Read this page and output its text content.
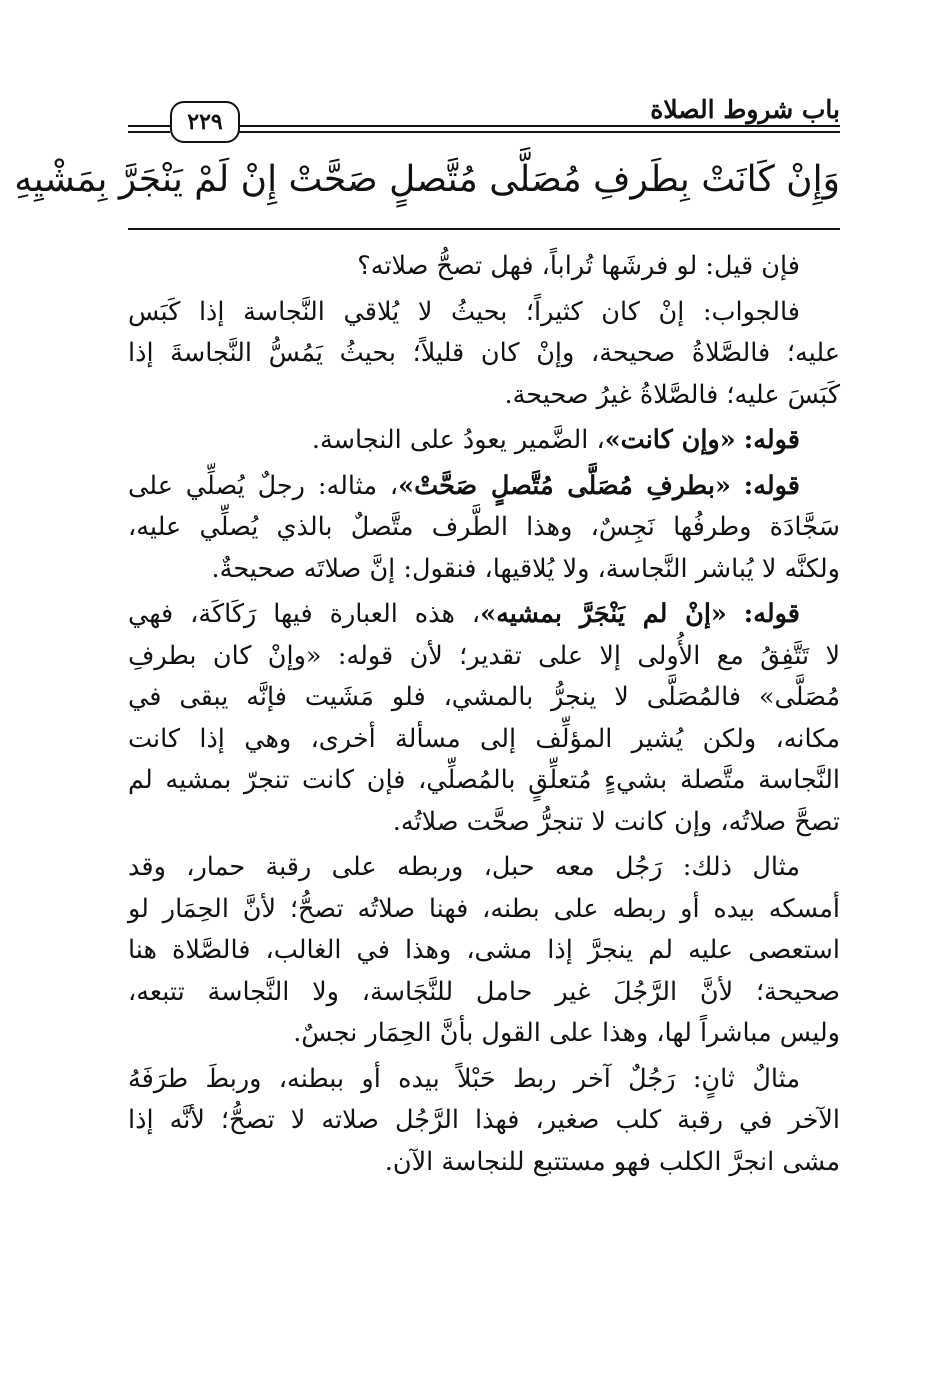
باب شروط الصلاة
٢٢٩
وَإِنْ كَانَتْ بِطَرفِ مُصَلَّى مُتَّصلٍ صَحَّتْ إِنْ لَمْ يَنْجَرَّ بِمَشْيِهِ

فإن قيل: لو فرشَها تُراباً، فهل تصحُّ صلاته؟

فالجواب: إنْ كان كثيراً؛ بحيثُ لا يُلاقي النَّجاسة إذا كَبَس
عليه؛ فالصَّلاةُ صحيحة، وإنْ كان قليلاً؛ بحيثُ يَمُسُّ النَّجاسةَ إذا
كَبَسَ عليه؛ فالصَّلاةُ غيرُ صحيحة.

قوله: «وإن كانت»، الضَّمير يعودُ على النجاسة.

قوله: «بطرفِ مُصَلَّى مُتَّصلٍ صَحَّتْ»، مثاله: رجلٌ يُصلِّي على
سَجَّادَة وطرفُها نَجِسٌ، وهذا الطَّرف متَّصلٌ بالذي يُصلِّي عليه،
ولكنَّه لا يُباشر النَّجاسة، ولا يُلاقيها، فنقول: إنَّ صلاتَه صحيحةٌ.

قوله: «إنْ لم يَنْجَرَّ بمشيه»، هذه العبارة فيها رَكَاكَة، فهي
لا تَتَّفِقُ مع الأُولى إلا على تقدير؛ لأن قوله: «وإنْ كان بطرفِ
مُصَلَّى» فالمُصَلَّى لا ينجرُّ بالمشي، فلو مَشَيت فإنَّه يبقى في
مكانه، ولكن يُشير المؤلِّف إلى مسألة أخرى، وهي إذا كانت
النَّجاسة متَّصلة بشيءٍ مُتعلِّقٍ بالمُصلِّي، فإن كانت تنجرّ بمشيه لم
تصحَّ صلاتُه، وإن كانت لا تنجرُّ صحَّت صلاتُه.

مثال ذلك: رَجُل معه حبل، وربطه على رقبة حمار، وقد
أمسكه بيده أو ربطه على بطنه، فهنا صلاتُه تصحُّ؛ لأنَّ الحِمَار لو
استعصى عليه لم ينجرَّ إذا مشى، وهذا في الغالب، فالصَّلاة هنا
صحيحة؛ لأنَّ الرَّجُلَ غير حامل للنَّجَاسة، ولا النَّجاسة تتبعه،
وليس مباشراً لها، وهذا على القول بأنَّ الحِمَار نجسٌ.

مثالٌ ثانٍ: رَجُلٌ آخر ربط حَبْلاً بيده أو ببطنه، وربطَ طرَفَهُ
الآخر في رقبة كلب صغير، فهذا الرَّجُل صلاته لا تصحُّ؛ لأنَّه إذا
مشى انجرَّ الكلب فهو مستتبع للنجاسة الآن.
